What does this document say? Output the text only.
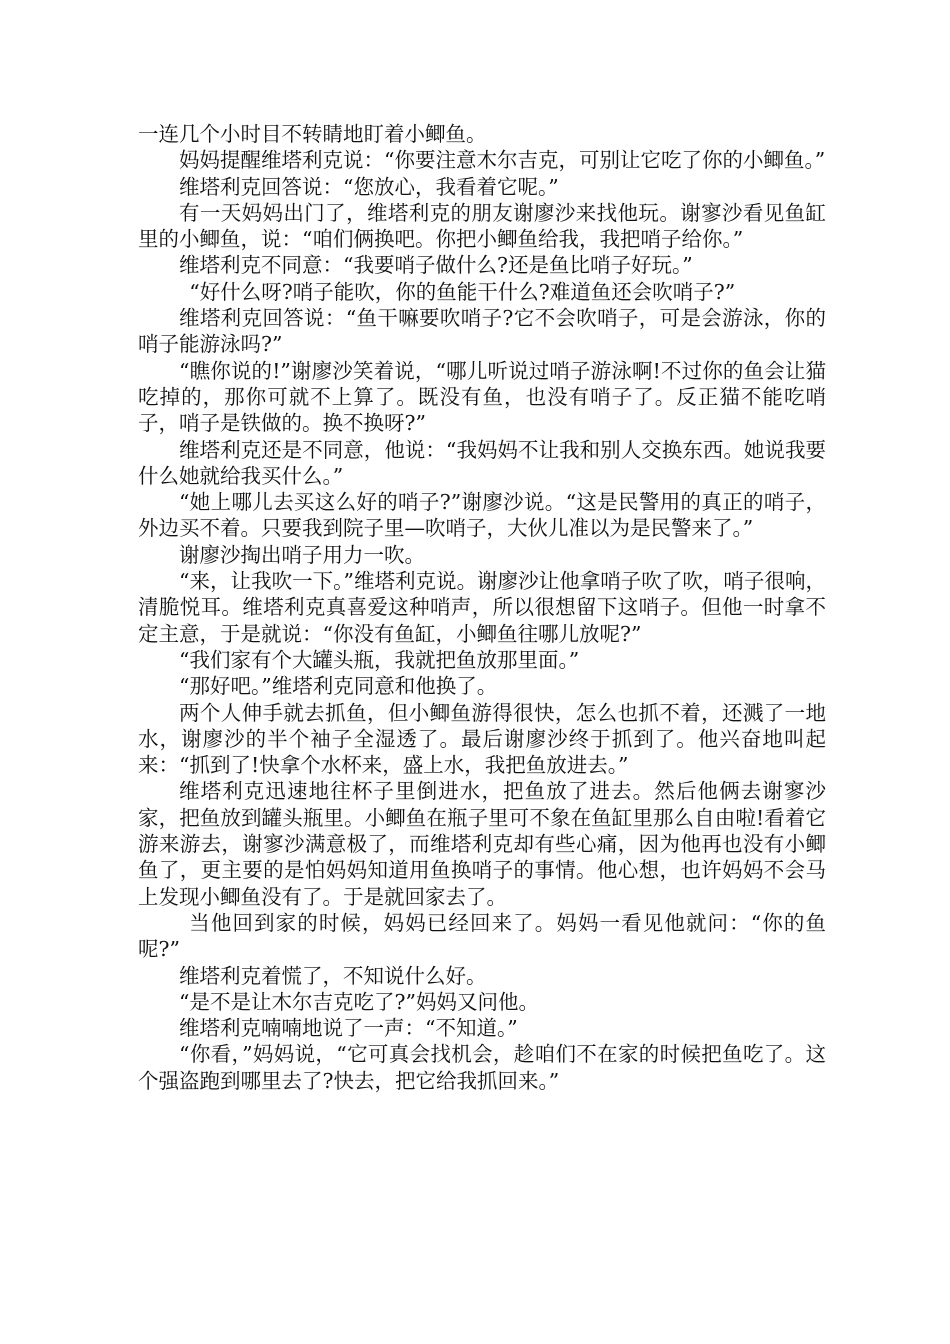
一连几个小时目不转睛地盯着小鲫鱼。

妈妈提醒维塔利克说：“你要注意木尔吉克，可别让它吃了你的小鲫鱼。”

维塔利克回答说：“您放心，我看着它呢。”

有一天妈妈出门了，维塔利克的朋友谢廖沙来找他玩。谢寥沙看见鱼缸里的小鲫鱼，说：“咱们俩换吧。你把小鲫鱼给我，我把哨子给你。”

维塔利克不同意：“我要哨子做什么?还是鱼比哨子好玩。”

“好什么呀?哨子能吹，你的鱼能干什么?难道鱼还会吹哨子?”

维塔利克回答说：“鱼干嘛要吹哨子?它不会吹哨子，可是会游泳，你的哨子能游泳吗?”

“瞧你说的!”谢廖沙笑着说，“哪儿听说过哨子游泳啊!不过你的鱼会让猫吃掉的，那你可就不上算了。既没有鱼，也没有哨子了。反正猫不能吃哨子，哨子是铁做的。换不换呀?”

维塔利克还是不同意，他说：“我妈妈不让我和别人交换东西。她说我要什么她就给我买什么。”

“她上哪儿去买这么好的哨子?”谢廖沙说。“这是民警用的真正的哨子，外边买不着。只要我到院子里—吹哨子，大伙儿准以为是民警来了。”

谢廖沙掏出哨子用力一吹。

“来，让我吹一下。”维塔利克说。谢廖沙让他拿哨子吹了吹，哨子很响，清脆悦耳。维塔利克真喜爱这种哨声，所以很想留下这哨子。但他一时拿不定主意，于是就说：“你没有鱼缸，小鲫鱼往哪儿放呢?”

“我们家有个大罐头瓶，我就把鱼放那里面。”

“那好吧。”维塔利克同意和他换了。

两个人伸手就去抓鱼，但小鲫鱼游得很快，怎么也抓不着，还溅了一地水，谢廖沙的半个袖子全湿透了。最后谢廖沙终于抓到了。他兴奋地叫起来：“抓到了!快拿个水杯来，盛上水，我把鱼放进去。”

维塔利克迅速地往杯子里倒进水，把鱼放了进去。然后他俩去谢寥沙家，把鱼放到罐头瓶里。小鲫鱼在瓶子里可不象在鱼缸里那么自由啦!看着它游来游去，谢寥沙满意极了，而维塔利克却有些心痛，因为他再也没有小鲫鱼了，更主要的是怕妈妈知道用鱼换哨子的事情。他心想，也许妈妈不会马上发现小鲫鱼没有了。于是就回家去了。

当他回到家的时候，妈妈已经回来了。妈妈一看见他就问：“你的鱼呢?”

维塔利克着慌了，不知说什么好。

“是不是让木尔吉克吃了?”妈妈又问他。

维塔利克喃喃地说了一声：“不知道。”

“你看，”妈妈说，“它可真会找机会，趁咱们不在家的时候把鱼吃了。这个强盗跑到哪里去了?快去，把它给我抓回来。”
